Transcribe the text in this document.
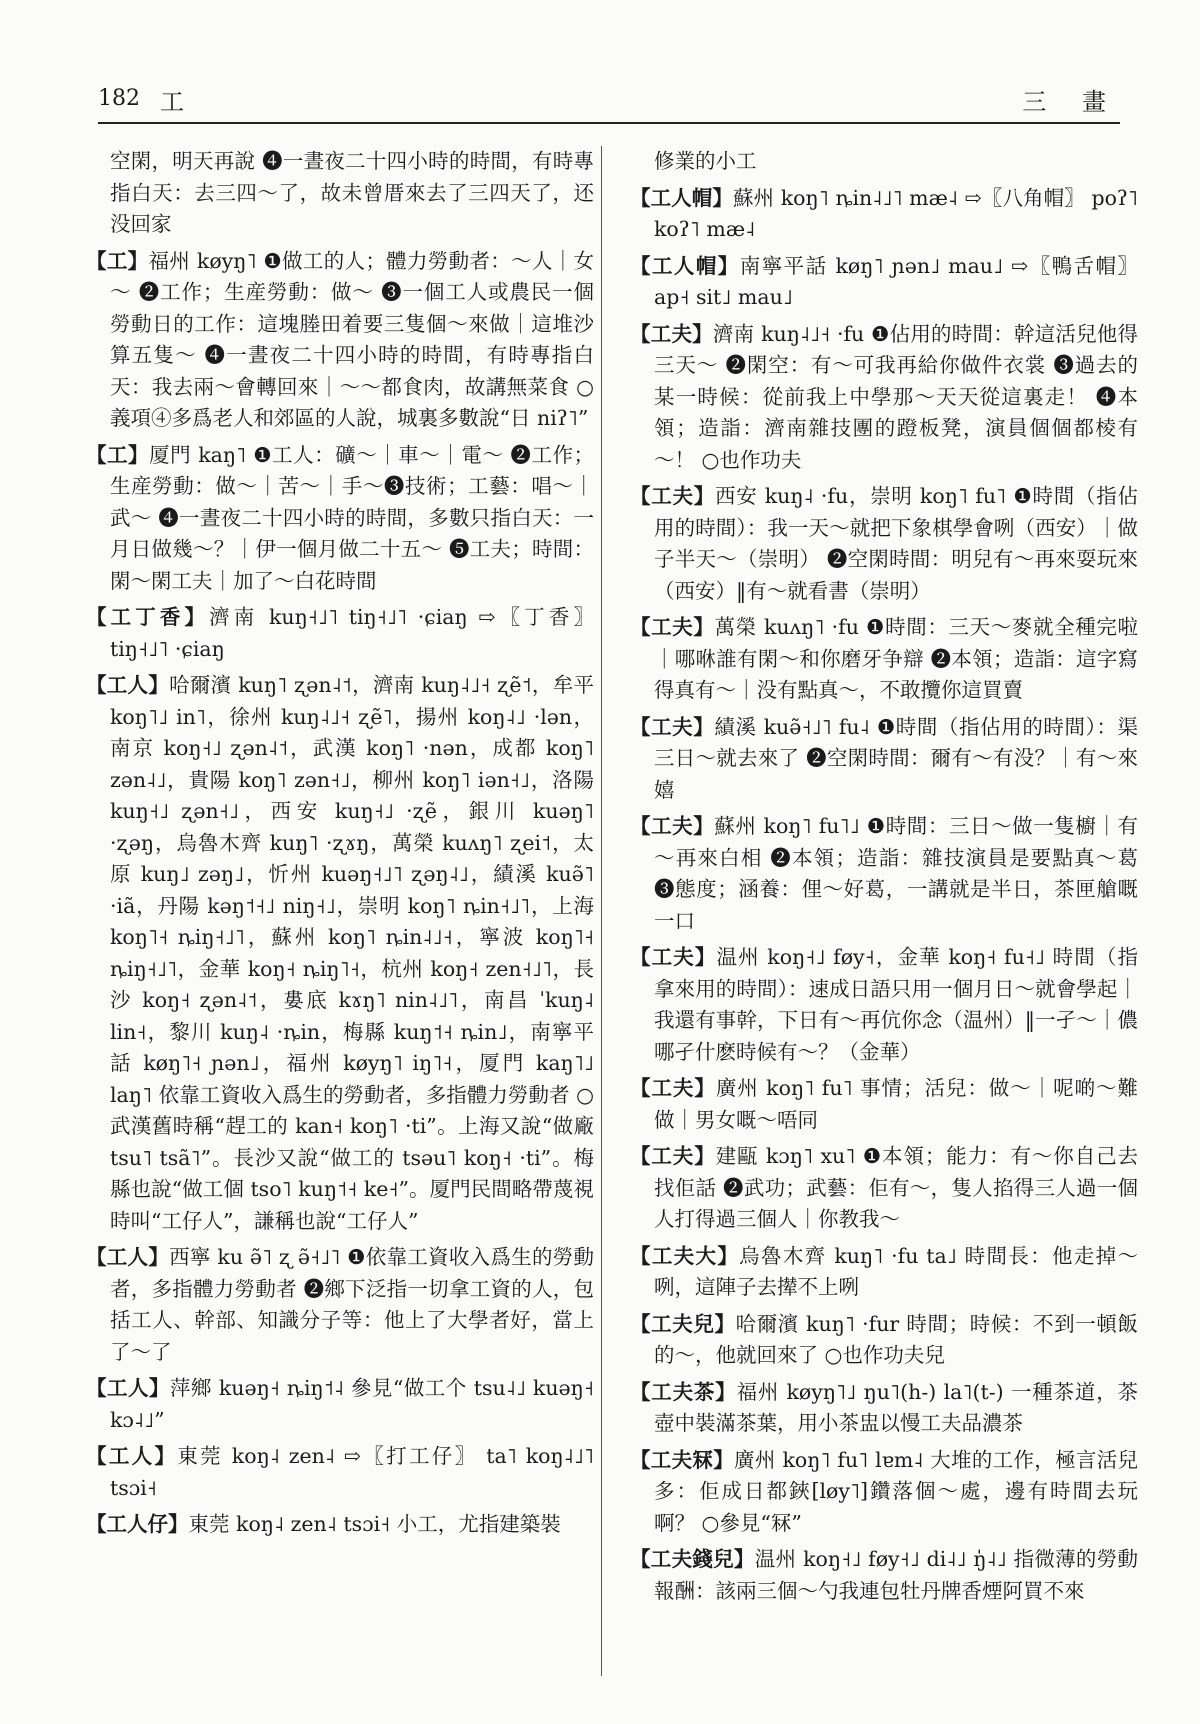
182 工	三 畫

空閑，明天再說 ❹一晝夜二十四小時的時間，有時專指白天：去三四～了，故未曾厝來去了三四天了，还没回家

【工】福州 køyŋ˥ ❶做工的人；體力勞動者：～人｜女～ ❷工作；生産勞動：做～ ❸一個工人或農民一個勞動日的工作：這塊塍田着要三隻個～來做｜這堆沙算五隻～ ❹一晝夜二十四小時的時間，有時專指白天：我去兩～會轉回來｜～～都食肉，故講無菜食 ○義項④多爲老人和郊區的人說，城裏多數說“日 niʔ˥”

【工】厦門 kaŋ˥ ❶工人：礦～｜車～｜電～ ❷工作；生産勞動：做～｜苦～｜手～❸技術；工藝：唱～｜武～ ❹一晝夜二十四小時的時間，多數只指白天：一月日做幾～？｜伊一個月做二十五～ ❺工夫；時間：閑～閑工夫｜加了～白花時間

【工丁香】濟南 kuŋ˧˩˥ tiŋ˧˩˥ ·ɕiaŋ ⇨〖丁香〗 tiŋ˧˩˥ ·ɕiaŋ

【工人】哈爾濱 kuŋ˥ ʐən˨˦，濟南 kuŋ˨˩˧ ʐẽ˦，牟平 koŋ˥˩ in˥，徐州 kuŋ˨˩˧ ʐẽ˥，揚州 koŋ˨˩ ·lən，南京 koŋ˧˩ ʐən˨˦，武漢 koŋ˥ ·nən，成都 koŋ˥ zən˨˩，貴陽 koŋ˥ zən˧˩，柳州 koŋ˥ iən˧˩，洛陽 kuŋ˧˩ ʐən˧˩，西安 kuŋ˧˩ ·ʐẽ，銀川 kuəŋ˥ ·ʐəŋ，烏魯木齊 kuŋ˥ ·ʐɤŋ，萬榮 kuʌŋ˥ ʐei˦，太原 kuŋ˩ zəŋ˩，忻州 kuəŋ˧˩˥ ʐəŋ˨˩，績溪 kuə̃˥ ·iã，丹陽 kəŋ˦˧˩ niŋ˧˩，崇明 koŋ˥ ȵin˧˩˥，上海 koŋ˥˧ ȵiŋ˧˩˥，蘇州 koŋ˥ ȵin˨˩˧，寧波 koŋ˥˧ ȵiŋ˧˩˥，金華 koŋ˧ ȵiŋ˥˧，杭州 koŋ˧ zen˧˩˥，長沙 koŋ˧ ʐən˨˦，婁底 kɤŋ˥ nin˨˩˥，南昌 ˈkuŋ˨ lin˧，黎川 kuŋ˨ ·ȵin，梅縣 kuŋ˦˧ ȵin˩，南寧平話 køŋ˥˧ ɲən˩，福州 køyŋ˥ iŋ˥˧，厦門 kaŋ˥˩ laŋ˥ 依靠工資收入爲生的勞動者，多指體力勞動者 ○武漢舊時稱“趕工的 kan˧ koŋ˥ ·ti”。上海又說“做廠 tsu˥ tsã˥”。長沙又說“做工的 tsəu˥ koŋ˧ ·ti”。梅縣也說“做工個 tso˥ kuŋ˦˧ ke˧”。厦門民間略帶蔑視時叫“工仔人”，謙稱也說“工仔人”

【工人】西寧 ku ə̃˥ ʐ ə̃˧˩˥ ❶依靠工資收入爲生的勞動者，多指體力勞動者 ❷鄉下泛指一切拿工資的人，包括工人、幹部、知識分子等：他上了大學者好，當上了～了

【工人】萍鄉 kuəŋ˧ ȵiŋ˦˨ 參見“做工个 tsu˨˩ kuəŋ˧ kɔ˨˩”

【工人】東莞 koŋ˨ zen˨ ⇨〖打工仔〗 ta˥ koŋ˨˩˥ tsɔi˧

【工人仔】東莞 koŋ˨ zen˨ tsɔi˧ 小工，尤指建築裝

修業的小工

【工人帽】蘇州 koŋ˥ ȵin˨˩˥ mæ˨ ⇨〖八角帽〗 poʔ˥ koʔ˥ mæ˨

【工人帽】南寧平話 køŋ˥ ɲən˩ mau˩ ⇨〖鴨舌帽〗 ap˧ sit˩ mau˩

【工夫】濟南 kuŋ˨˩˧ ·fu ❶佔用的時間：幹這活兒他得三天～ ❷閑空：有～可我再給你做件衣裳 ❸過去的某一時候：從前我上中學那～天天從這裏走！ ❹本領；造詣：濟南雜技團的蹬板凳，演員個個都棱有～！ ○也作功夫

【工夫】西安 kuŋ˨ ·fu，崇明 koŋ˥ fu˥ ❶時間（指佔用的時間）：我一天～就把下象棋學會咧（西安）｜做子半天～（崇明） ❷空閑時間：明兒有～再來耍玩來（西安）‖有～就看書（崇明）

【工夫】萬榮 kuʌŋ˥ ·fu ❶時間：三天～麥就全種完啦｜哪咻誰有閑～和你磨牙争辯 ❷本領；造詣：這字寫得真有～｜没有點真～，不敢攬你這買賣

【工夫】績溪 kuə̃˧˩˥ fu˨ ❶時間（指佔用的時間）：渠三日～就去來了 ❷空閑時間：爾有～有没？｜有～來嬉

【工夫】蘇州 koŋ˥ fu˥˩ ❶時間：三日～做一隻櫥｜有～再來白相 ❷本領；造詣：雜技演員是要點真～葛 ❸態度；涵養：俚～好葛，一講就是半日，茶匣艙嘅一口

【工夫】温州 koŋ˧˩ føy˧，金華 koŋ˧ fu˧˩ 時間（指拿來用的時間）：速成日語只用一個月日～就會學起｜我還有事幹，下日有～再伉你念（温州）‖一孑～｜儂哪孑什麽時候有～？（金華）

【工夫】廣州 koŋ˥ fu˥ 事情；活兒：做～｜呢啲～難做｜男女嘅～唔同

【工夫】建甌 kɔŋ˥ xu˥ ❶本領；能力：有～你自己去找佢話 ❷武功；武藝：佢有～，隻人掐得三人過一個人打得過三個人｜你教我～

【工夫大】烏魯木齊 kuŋ˥ ·fu ta˩ 時間長：他走掉～咧，這陣子去撵不上咧

【工夫兒】哈爾濱 kuŋ˥ ·fur 時間；時候：不到一頓飯的～，他就回來了 ○也作功夫兒

【工夫茶】福州 køyŋ˥˩ ŋu˥(h-) la˥(t-) 一種茶道，茶壺中裝滿茶葉，用小茶盅以慢工夫品濃茶

【工夫冧】廣州 koŋ˥ fu˥ lɐm˨ 大堆的工作，極言活兒多：佢成日都鋏[løy˥]鑽落個～處，邊有時間去玩啊？ ○參見“冧”

【工夫錢兒】温州 koŋ˧˩ føy˧˩ di˨˩ ŋ̍˨˩ 指微薄的勞動報酬：該兩三個～勺我連包牡丹牌香煙阿買不來
